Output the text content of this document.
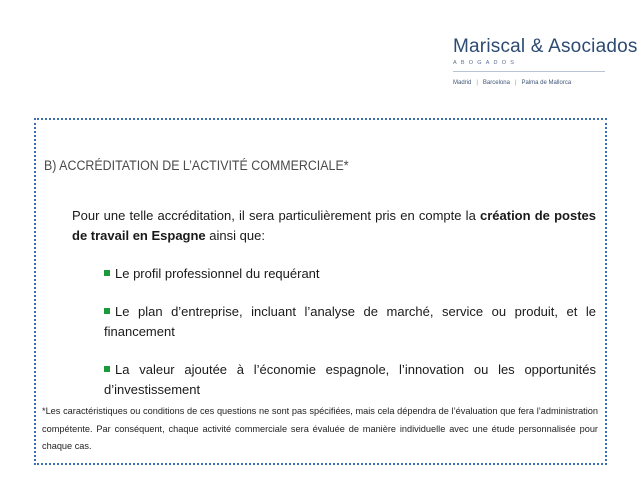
Mariscal & Asociados
ABOGADOS
Madrid | Barcelona | Palma de Mallorca
B) ACCRÉDITATION DE L’ACTIVITÉ COMMERCIALE*
Pour une telle accréditation, il sera particulièrement pris en compte la création de postes de travail en Espagne ainsi que:
Le profil professionnel du requérant
Le plan d’entreprise, incluant l’analyse de marché, service ou produit, et le financement
La valeur ajoutée à l’économie espagnole, l’innovation ou les opportunités d’investissement
*Les caractéristiques ou conditions de ces questions ne sont pas spécifiées, mais cela dépendra de l’évaluation que fera l’administration compétente. Par conséquent, chaque activité commerciale sera évaluée de manière individuelle avec une étude personnalisée pour chaque cas.
